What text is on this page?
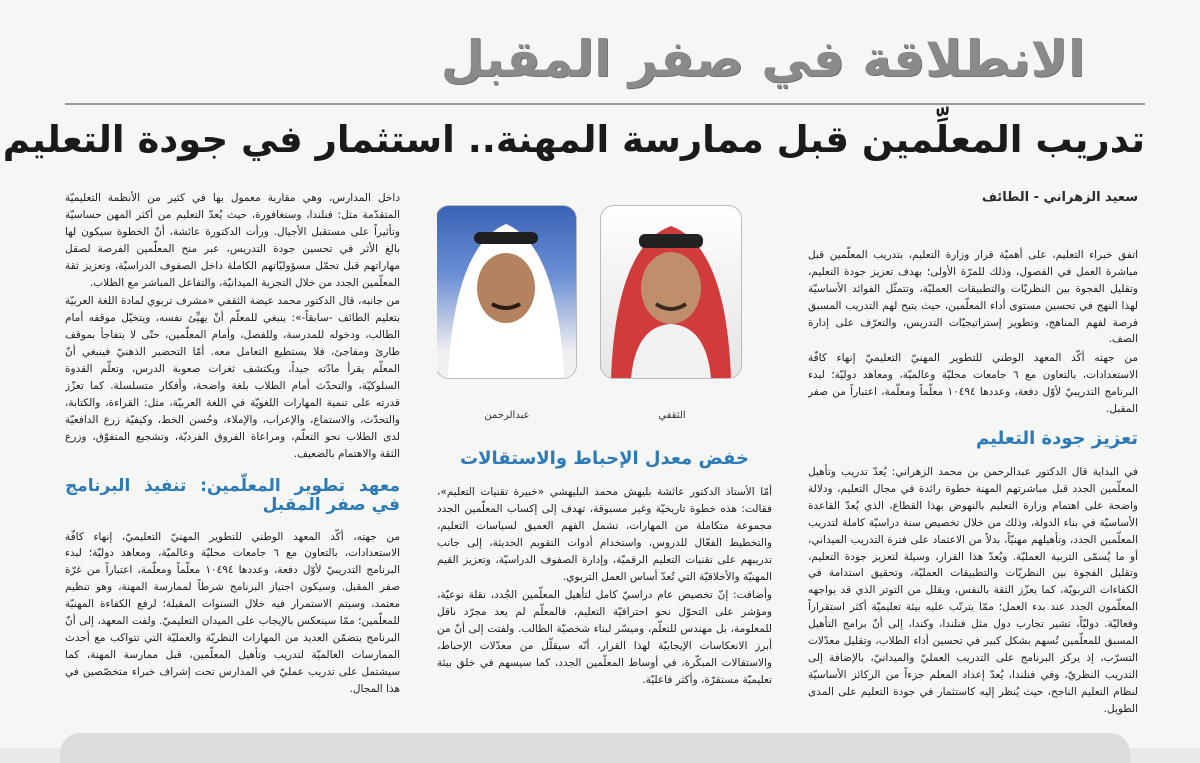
الانطلاقة في صفر المقبل
تدريب المعلِّمين قبل ممارسة المهنة.. استثمار في جودة التعليم

سعيد الزهراني - الطائف

اتفق خبراء التعليم، على أهميّة قرار وزارة التعليم، بتدريب المعلّمين قبل مباشرة العمل في الفصول، وذلك للمرّة الأولى؛ بهدف تعزيز جودة التعليم، وتقليل الفجوة بين النظريّات والتطبيقات العمليّة، وتتمثّل الفوائد الأساسيّة لهذا النهج في تحسين مستوى أداء المعلّمين، حيث يتيح لهم التدريب المسبق فرصة لفهم المناهج، وتطوير إستراتيجيّات التدريس، والتعرّف على إدارة الصف.

من جهته أكّد المعهد الوطني للتطوير المهنيّ التعليميّ إنهاء كافّة الاستعدادات، بالتعاون مع ٦ جامعات محليّة وعالميّة، ومعاهد دوليّة؛ لبدء البرنامج التدريبيّ لأوّل دفعة، وعددها ١٠٤٩٤ معلّماً ومعلّمة، اعتباراً من صفر المقبل.

تعزيز جودة التعليم

في البداية قال الدكتور عبدالرحمن بن محمد الزهراني: يُعدّ تدريب وتأهيل المعلّمين الجدد قبل مباشرتهم المهنة خطوة رائدة في مجال التعليم، ودلالة واضحة على اهتمام وزارة التعليم بالنهوض بهذا القطاع، الذي يُعدّ القاعدة الأساسيّة في بناء الدولة، وذلك من خلال تخصيص سنة دراسيّة كاملة لتدريب المعلّمين الجدد، وتأهيلهم مهنيّاً، بدلاً من الاعتماد على فترة التدريب الميداني، أو ما يُسمّى التربية العمليّة. ويُعدّ هذا القرار، وسيلة لتعزيز جودة التعليم، وتقليل الفجوة بين النظريّات والتطبيقات العمليّة، وتحقيق استدامة في الكفاءات التربويّة، كما يعزّز الثقة بالنفس، ويقلل من التوتر الذي قد يواجهه المعلّمون الجدد عند بدء العمل؛ ممّا يترتّب عليه بيئة تعليميّة أكثر استقراراً وفعاليّة. دوليّاً، تشير تجارب دول مثل فنلندا، وكندا، إلى أنّ برامج التأهيل المسبق للمعلّمين تُسهم بشكل كبير في تحسين أداء الطلاب، وتقليل معدّلات التسرّب، إذ يركز البرنامج على التدريب العمليّ والميدانيّ، بالإضافة إلى التدريب النظريّ، وفي فنلندا، يُعدّ إعداد المعلم جزءاً من الركائز الأساسيّة لنظام التعليم الناجح، حيث يُنظر إليه كاستثمار في جودة التعليم على المدى الطويل.

الثقفي
عبدالرحمن

خفض معدل الإحباط والاستقالات

أمّا الأستاذ الدكتور عائشة بليهش محمد البليهشي «خبيرة تقنيات التعليم»، فقالت: هذه خطوة تاريخيّة وغير مسبوقة، تهدف إلى إكساب المعلّمين الجدد مجموعة متكاملة من المهارات، تشمل الفهم العميق لسياسات التعليم، والتخطيط الفعّال للدروس، واستخدام أدوات التقويم الحديثة، إلى جانب تدريبهم على تقنيات التعليم الرقميّة، وإدارة الصفوف الدراسيّة، وتعزيز القيم المهنيّة والأخلاقيّة التي تُعدّ أساس العمل التربوي.

وأضافت: إنّ تخصيص عام دراسيّ كامل لتأهيل المعلّمين الجُدد، نقلة نوعيّة، ومؤشر على التحوّل نحو احترافيّة التعليم، فالمعلّم لم يعد مجرّد ناقل للمعلومة، بل مهندس للتعلّم، وميسّر لبناء شخصيّة الطالب. ولفتت إلى أنّ من أبرز الانعكاسات الإيجابيّة لهذا القرار، أنّه سيقلّل من معدّلات الإحباط، والاستقالات المبكّرة، في أوساط المعلّمين الجدد، كما سيسهم في خلق بيئة تعليميّة مستقرّة، وأكثر فاعليّة.

داخل المدارس، وهي مقاربة معمول بها في كثير من الأنظمة التعليميّة المتقدّمة مثل: فنلندا، وسنغافورة، حيث يُعدّ التعليم من أكثر المهن حساسيّة وتأثيراً على مستقبل الأجيال. ورأت الدكتورة عائشة، أنّ الخطوة سيكون لها بالغ الأثر في تحسين جودة التدريس، عبر منح المعلّمين الفرصة لصقل مهاراتهم قبل تحمّل مسؤوليّاتهم الكاملة داخل الصفوف الدراسيّة، وتعزيز ثقة المعلّمين الجدد من خلال التجربة الميدانيّة، والتفاعل المباشر مع الطلاب.

من جانبه، قال الدكتور محمد عيضة الثقفي «مشرف تربوي لمادة اللغة العربيّة بتعليم الطائف -سابقاً-»: ينبغي للمعلّم أنْ يهيِّئ نفسه، ويتخيّل موقفه أمام الطالب، ودخوله للمدرسة، وللفصل، وأمام المعلّمين، حتّى لا يتفاجأ بموقف طارئ ومفاجئ، فلا يستطيع التعامل معه. أمّا التحضير الذهنيّ فينبغي أنّ المعلّم يقرأ مادّته جيداً، ويكتشف ثغرات صعوبة الدرس، وتعلّم القدوة السلوكيّة، والتحدّث أمام الطلاب بلغة واضحة، وأفكار متسلسلة. كما تعزّز قدرته على تنمية المهارات اللغويّة في اللغة العربيّة، مثل: القراءة، والكتابة، والتحدّث، والاستماع، والإعراب، والإملاء، وحُسن الخط، وكيفيّة زرع الدافعيّة لدى الطلاب نحو التعلّم، ومراعاة الفروق الفرديّة، وتشجيع المتفوّق، وزرع الثقة والاهتمام بالضعيف.

معهد تطوير المعلّمين: تنفيذ البرنامج في صفر المقبل

من جهته، أكّد المعهد الوطني للتطوير المهنيّ التعليميّ، إنهاء كافّة الاستعدادات، بالتعاون مع ٦ جامعات محليّة وعالميّة، ومعاهد دوليّة؛ لبدء البرنامج التدريبيّ لأوّل دفعة، وعددها ١٠٤٩٤ معلّماً ومعلّمة، اعتباراً من غرّة صفر المقبل. وسيكون اجتياز البرنامج شرطاً لممارسة المهنة، وهو تنظيم معتمد، وسيتم الاستمرار فيه خلال السنوات المقبلة؛ لرفع الكفاءة المهنيّة للمعلّمين؛ ممّا سينعكس بالإيجاب على الميدان التعليميّ. ولفت المعهد، إلى أنّ البرنامج يتضمّن العديد من المهارات النظريّة والعمليّة التي تتواكب مع أحدث الممارسات العالميّة لتدريب وتأهيل المعلّمين، قبل ممارسة المهنة، كما سيشتمل على تدريب عمليّ في المدارس تحت إشراف خبراء متخصّصين في هذا المجال.
